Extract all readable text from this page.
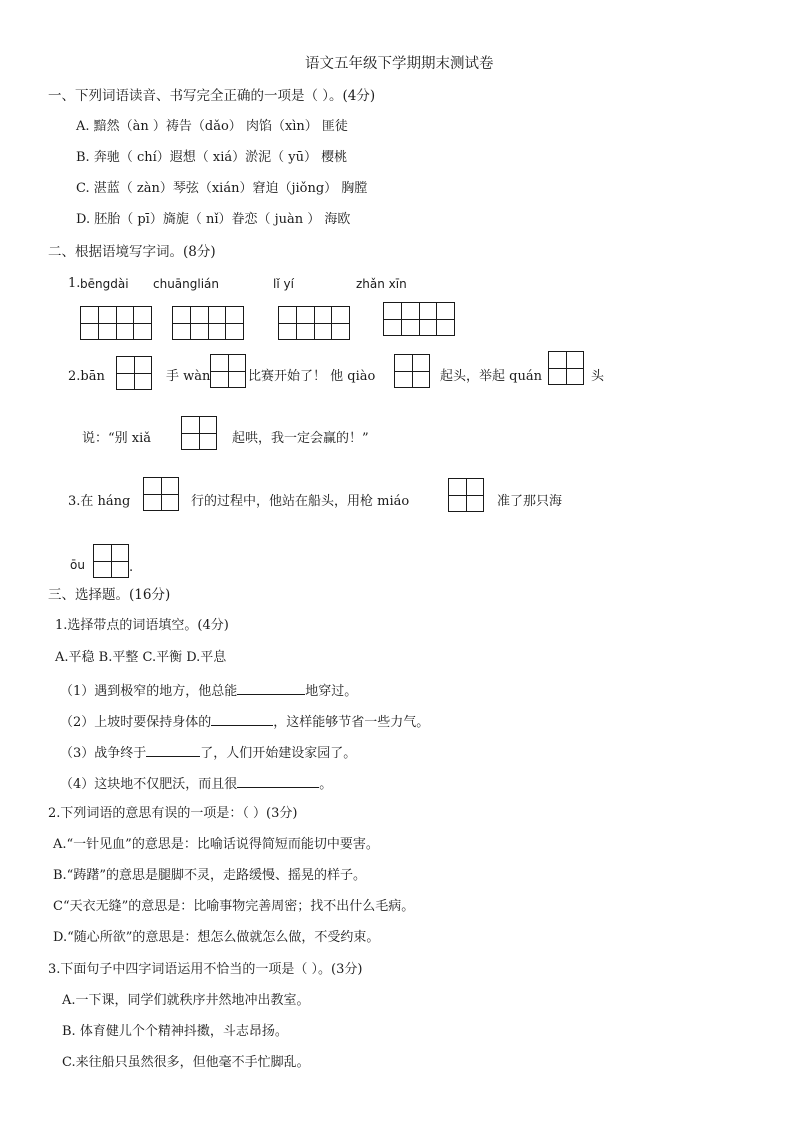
语文五年级下学期期末测试卷
一、下列词语读音、书写完全正确的一项是（ ）。(4分)
A. 黯然（àn ）祷告（dǎo） 肉馅（xìn） 匪徒
B. 奔驰（ chí）遐想（ xiá）淤泥（ yū） 樱桃
C. 湛蓝（ zàn）琴弦（xián）窘迫（jiǒng） 胸膛
D. 胚胎（ pī）旖旎（ nǐ）眷恋（ juàn ） 海欧
二、根据语境写字词。(8分)
1. bēngdài chuānglián	lǐ yí	zhǎn xīn
2.bān	手 wàn	比赛开始了！ 他 qiào	起头，举起 quán	头
说：“别 xiǎ	起哄，我一定会赢的！”
3.在 háng	行的过程中，他站在船头，用枪 miáo	准了那只海
ōu	.
三、选择题。(16分)
1.选择带点的词语填空。(4分)
A.平稳 B.平整 C.平衡 D.平息
（1）遇到极窄的地方，他总能	地穿过。
（2）上坡时要保持身体的	，这样能够节省一些力气。
（3）战争终于	了，人们开始建设家园了。
（4）这块地不仅肥沃，而且很	。
2.下列词语的意思有误的一项是：（ ）(3分)
A.“一针见血”的意思是：比喻话说得简短而能切中要害。
B.“踌躇”的意思是腿脚不灵，走路缓慢、摇晃的样子。
C“天衣无缝”的意思是：比喻事物完善周密；找不出什么毛病。
D.“随心所欲”的意思是：想怎么做就怎么做，不受约束。
3.下面句子中四字词语运用不恰当的一项是（ ）。(3分)
A.一下课，同学们就秩序井然地冲出教室。
B. 体育健儿个个精神抖擞，斗志昂扬。
C.来往船只虽然很多，但他毫不手忙脚乱。
